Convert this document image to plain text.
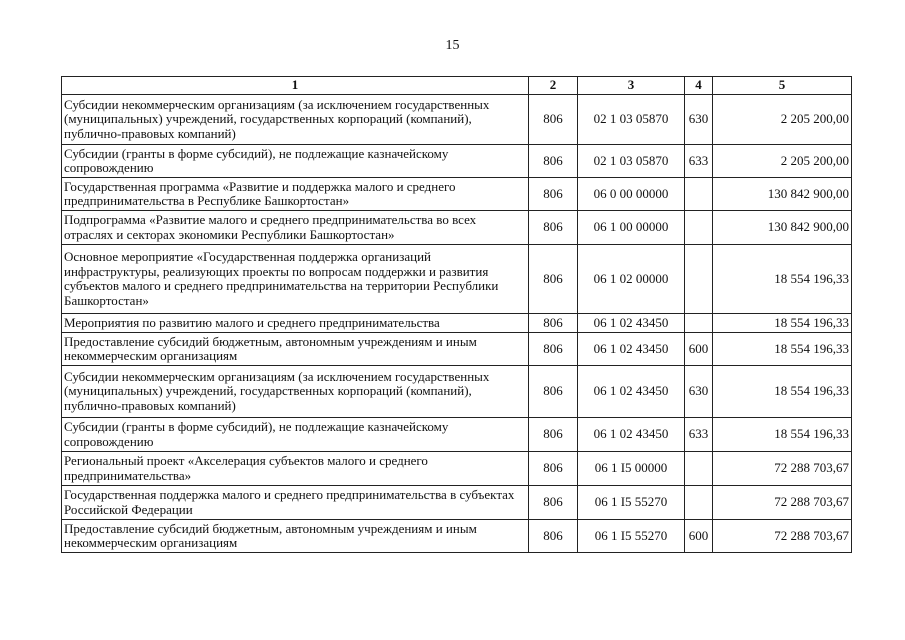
15
1	2	3	4	5
Субсидии некоммерческим организациям (за исключением государственных (муниципальных) учреждений, государственных корпораций (компаний), публично-правовых компаний)	806	02 1 03 05870	630	2 205 200,00
Субсидии (гранты в форме субсидий), не подлежащие казначейскому сопровождению	806	02 1 03 05870	633	2 205 200,00
Государственная программа «Развитие и поддержка малого и среднего предпринимательства в Республике Башкортостан»	806	06 0 00 00000		130 842 900,00
Подпрограмма «Развитие малого и среднего предпринимательства во всех отраслях и секторах экономики Республики Башкортостан»	806	06 1 00 00000		130 842 900,00
Основное мероприятие «Государственная поддержка организаций инфраструктуры, реализующих проекты по вопросам поддержки и развития субъектов малого и среднего предпринимательства на территории Республики Башкортостан»	806	06 1 02 00000		18 554 196,33
Мероприятия по развитию малого и среднего предпринимательства	806	06 1 02 43450		18 554 196,33
Предоставление субсидий бюджетным, автономным учреждениям и иным некоммерческим организациям	806	06 1 02 43450	600	18 554 196,33
Субсидии некоммерческим организациям (за исключением государственных (муниципальных) учреждений, государственных корпораций (компаний), публично-правовых компаний)	806	06 1 02 43450	630	18 554 196,33
Субсидии (гранты в форме субсидий), не подлежащие казначейскому сопровождению	806	06 1 02 43450	633	18 554 196,33
Региональный проект «Акселерация субъектов малого и среднего предпринимательства»	806	06 1 I5 00000		72 288 703,67
Государственная поддержка малого и среднего предпринимательства в субъектах Российской Федерации	806	06 1 I5 55270		72 288 703,67
Предоставление субсидий бюджетным, автономным учреждениям и иным некоммерческим организациям	806	06 1 I5 55270	600	72 288 703,67
